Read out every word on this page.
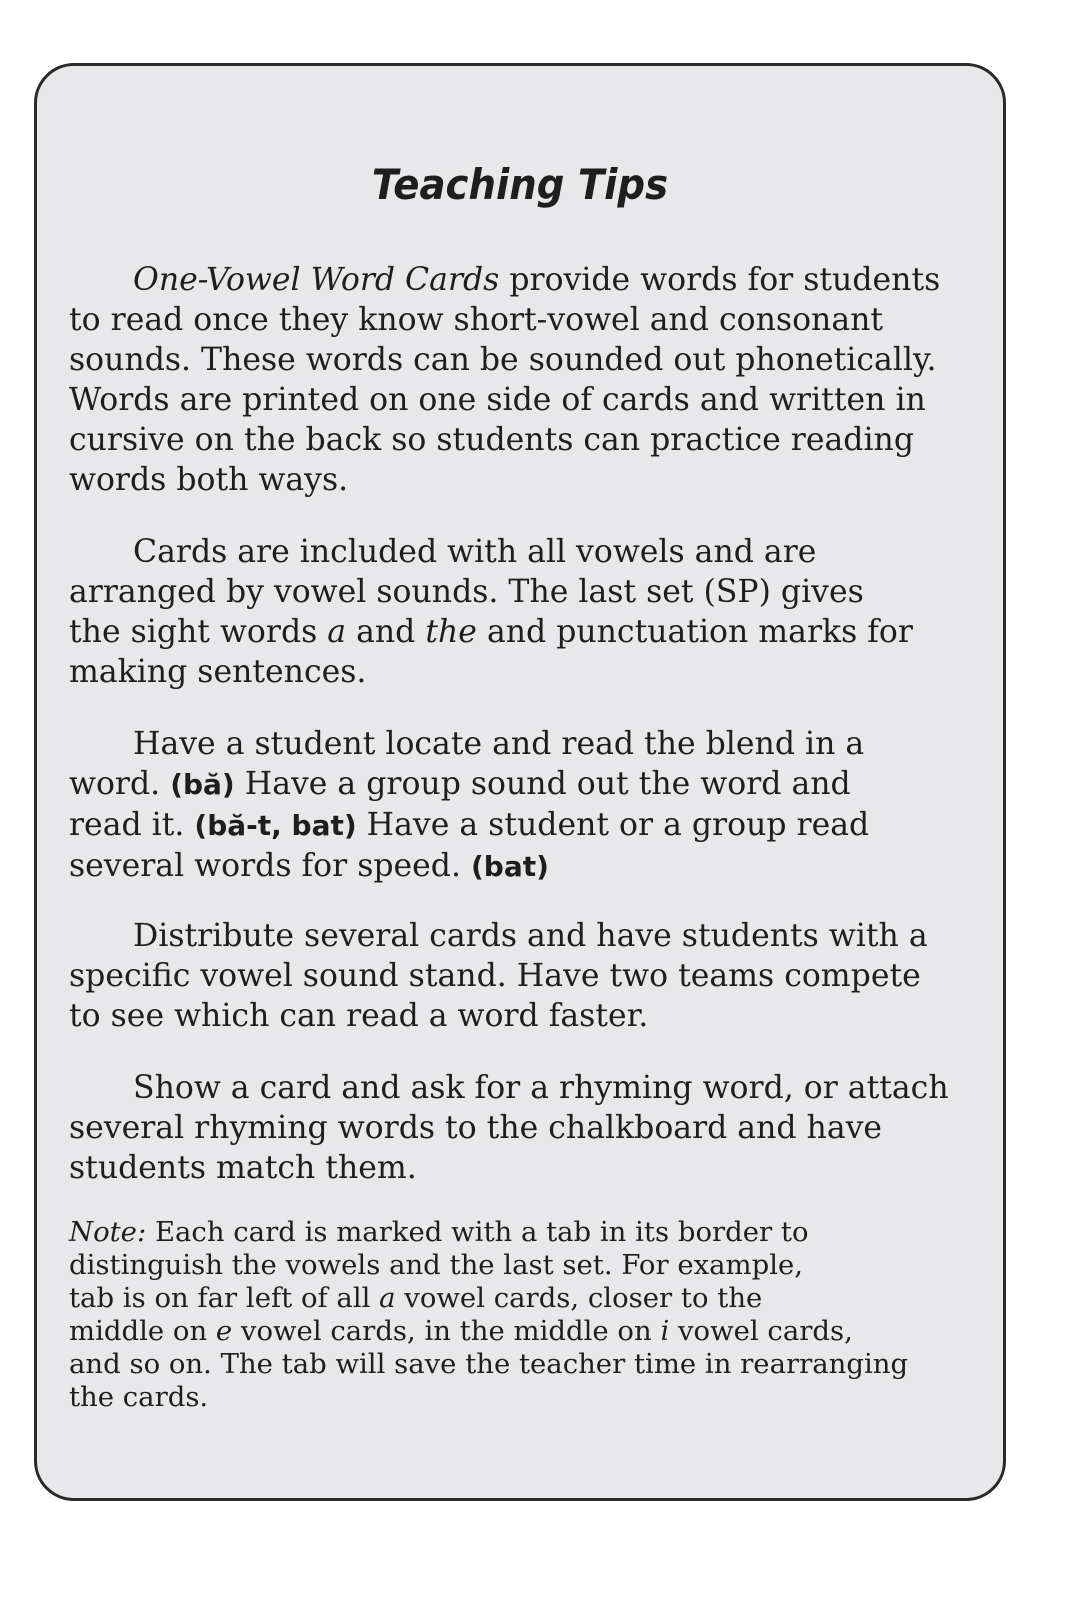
Teaching Tips

One-Vowel Word Cards provide words for students
to read once they know short-vowel and consonant
sounds. These words can be sounded out phonetically.
Words are printed on one side of cards and written in
cursive on the back so students can practice reading
words both ways.

Cards are included with all vowels and are
arranged by vowel sounds. The last set (SP) gives
the sight words a and the and punctuation marks for
making sentences.

Have a student locate and read the blend in a
word. (bă) Have a group sound out the word and
read it. (bă-t, bat) Have a student or a group read
several words for speed. (bat)

Distribute several cards and have students with a
specific vowel sound stand. Have two teams compete
to see which can read a word faster.

Show a card and ask for a rhyming word, or attach
several rhyming words to the chalkboard and have
students match them.

Note: Each card is marked with a tab in its border to
distinguish the vowels and the last set. For example,
tab is on far left of all a vowel cards, closer to the
middle on e vowel cards, in the middle on i vowel cards,
and so on. The tab will save the teacher time in rearranging
the cards.
